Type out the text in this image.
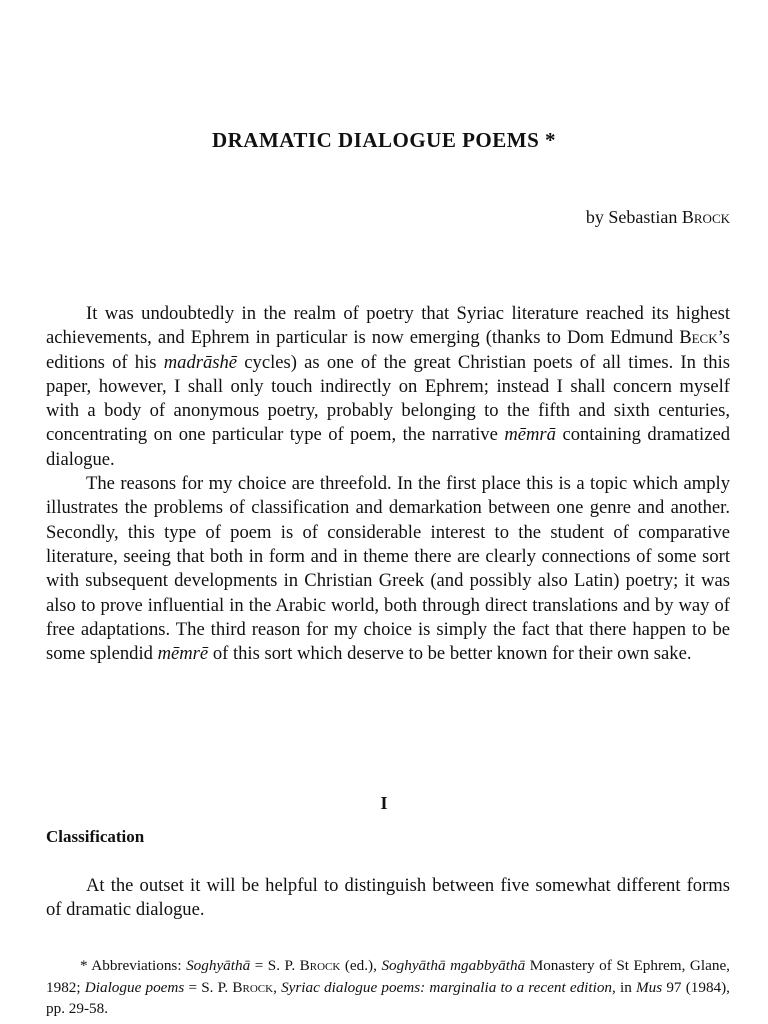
DRAMATIC DIALOGUE POEMS *
by Sebastian Brock

It was undoubtedly in the realm of poetry that Syriac literature reached its highest achievements, and Ephrem in particular is now emerging (thanks to Dom Edmund Beck’s editions of his madrāshē cycles) as one of the great Christian poets of all times. In this paper, however, I shall only touch indirectly on Ephrem; instead I shall concern myself with a body of anonymous poetry, probably belonging to the fifth and sixth centuries, concentrating on one particular type of poem, the narrative mēmrā containing dramatized dialogue.

The reasons for my choice are threefold. In the first place this is a topic which amply illustrates the problems of classification and demarkation between one genre and another. Secondly, this type of poem is of considerable interest to the student of comparative literature, seeing that both in form and in theme there are clearly connections of some sort with subsequent developments in Christian Greek (and possibly also Latin) poetry; it was also to prove influential in the Arabic world, both through direct translations and by way of free adaptations. The third reason for my choice is simply the fact that there happen to be some splendid mēmrē of this sort which deserve to be better known for their own sake.

I
Classification

At the outset it will be helpful to distinguish between five somewhat different forms of dramatic dialogue.

* Abbreviations: Soghyāthā = S. P. Brock (ed.), Soghyāthā mgabbyāthā Monastery of St Ephrem, Glane, 1982; Dialogue poems = S. P. Brock, Syriac dialogue poems: marginalia to a recent edition, in Mus 97 (1984), pp. 29-58.
